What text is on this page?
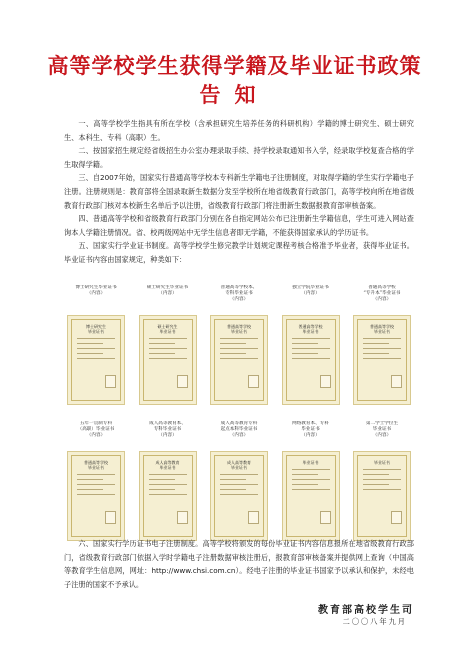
高等学校学生获得学籍及毕业证书政策
告知

一、高等学校学生指具有所在学校（含承担研究生培养任务的科研机构）学籍的博士研究生、硕士研究生、本科生、专科（高职）生。

二、按国家招生规定经省级招生办公室办理录取手续、持学校录取通知书入学，经录取学校复查合格的学生取得学籍。

三、自2007年始，国家实行普通高等学校本专科新生学籍电子注册制度，对取得学籍的学生实行学籍电子注册。注册规则是：教育部将全国录取新生数据分发至学校所在地省级教育行政部门，高等学校向所在地省级教育行政部门核对本校新生名单后予以注册，省级教育行政部门将注册新生数据报教育部审核备案。

四、普通高等学校和省级教育行政部门分别在各自指定网站公布已注册新生学籍信息，学生可进入网站查询本人学籍注册情况。省、校两级网站中无学生信息者即无学籍，不能获得国家承认的学历证书。

五、国家实行学业证书制度。高等学校学生修完教学计划规定课程考核合格准予毕业者，获得毕业证书。毕业证书内容由国家规定，种类如下：

博士研究生毕业证书
（内容）
博士研究生
毕业证书
硕士研究生毕业证书
（内容）
硕士研究生
毕业证书
普通高等学校本、
专科毕业证书
（内容）
普通高等学校
毕业证书
独立学院毕业证书
（内容）
普通高等学校
毕业证书
普通高等学校
“专升本”毕业证书
（内容）
普通高等学校
毕业证书
五年一贯制专科
（高职）毕业证书
（内容）
普通高等学校
毕业证书
成人高等教育本、
专科毕业证书
（内容）
成人高等教育
毕业证书
成人高等教育专科
起点本科毕业证书
（内容）
成人高等教育
毕业证书
网络教育本、专科
毕业证书
（内容）
毕业证书
第二学士学位生
毕业证书
（内容）
毕业证书

六、国家实行学历证书电子注册制度。高等学校将颁发的每份毕业证书内容信息报所在地省级教育行政部门，省级教育行政部门依据入学时学籍电子注册数据审核注册后，报教育部审核备案并提供网上查询（中国高等教育学生信息网，网址：http://www.chsi.com.cn）。经电子注册的毕业证书国家予以承认和保护，未经电子注册的国家不予承认。

教育部高校学生司
二〇〇八年九月
